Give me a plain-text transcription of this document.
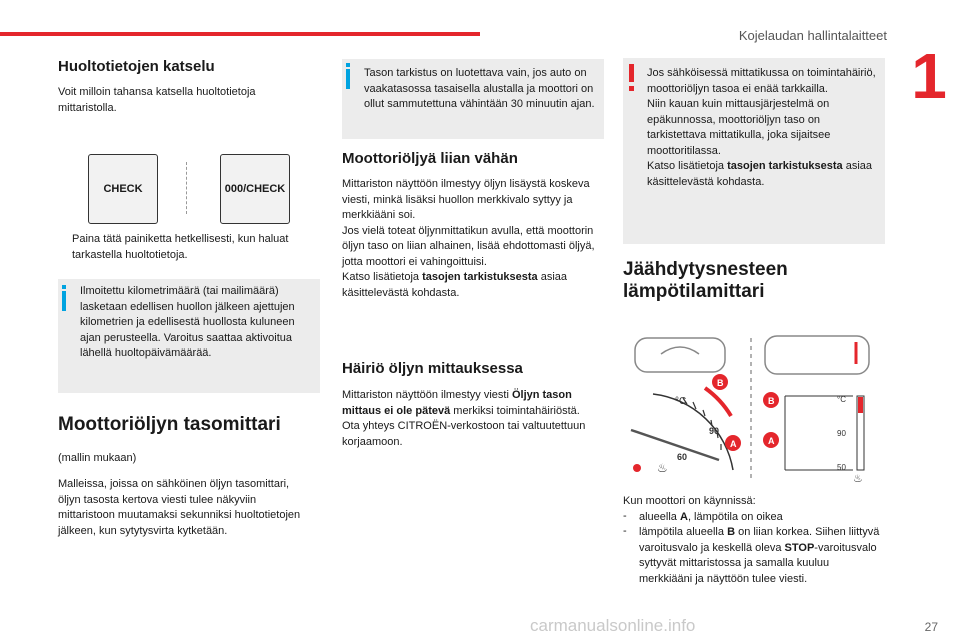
Kojelaudan hallintalaitteet
1
Huoltotietojen katselu

Voit milloin tahansa katsella huoltotietoja mittaristolla.

CHECK	000/CHECK

Paina tätä painiketta hetkellisesti, kun haluat tarkastella huoltotietoja.

Ilmoitettu kilometrimäärä (tai mailimäärä) lasketaan edellisen huollon jälkeen ajettujen kilometrien ja edellisestä huollosta kuluneen ajan perusteella. Varoitus saattaa aktivoitua lähellä huoltopäivämäärää.

Moottoriöljyn tasomittari

(mallin mukaan)

Malleissa, joissa on sähköinen öljyn tasomittari, öljyn tasosta kertova viesti tulee näkyviin mittaristoon muutamaksi sekunniksi huoltotietojen jälkeen, kun sytytysvirta kytketään.

Tason tarkistus on luotettava vain, jos auto on vaakatasossa tasaisella alustalla ja moottori on ollut sammutettuna vähintään 30 minuutin ajan.

Moottoriöljyä liian vähän

Mittariston näyttöön ilmestyy öljyn lisäystä koskeva viesti, minkä lisäksi huollon merkkivalo syttyy ja merkkiääni soi.

Jos vielä toteat öljynmittatikun avulla, että moottorin öljyn taso on liian alhainen, lisää ehdottomasti öljyä, jotta moottori ei vahingoittuisi.

Katso lisätietoja tasojen tarkistuksesta asiaa käsittelevästä kohdasta.

Häiriö öljyn mittauksessa

Mittariston näyttöön ilmestyy viesti Öljyn tason mittaus ei ole pätevä merkiksi toimintahäiriöstä.

Ota yhteys CITROËN-verkostoon tai valtuutettuun korjaamoon.

Jos sähköisessä mittatikussa on toimintahäiriö, moottoriöljyn tasoa ei enää tarkkailla.

Niin kauan kuin mittausjärjestelmä on epäkunnossa, moottoriöljyn taso on tarkistettava mittatikulla, joka sijaitsee moottoritilassa.

Katso lisätietoja tasojen tarkistuksesta asiaa käsittelevästä kohdasta.

Jäähdytysnesteen lämpötilamittari
°C
90
60
♨
B
A
°C
90
50
♨
B
A

Kun moottori on käynnissä:

- alueella A, lämpötila on oikea

- lämpötila alueella B on liian korkea. Siihen liittyvä varoitusvalo ja keskellä oleva STOP-varoitusvalo syttyvät mittaristossa ja samalla kuuluu merkkiääni ja näyttöön tulee viesti.

carmanualsonline.info	27
